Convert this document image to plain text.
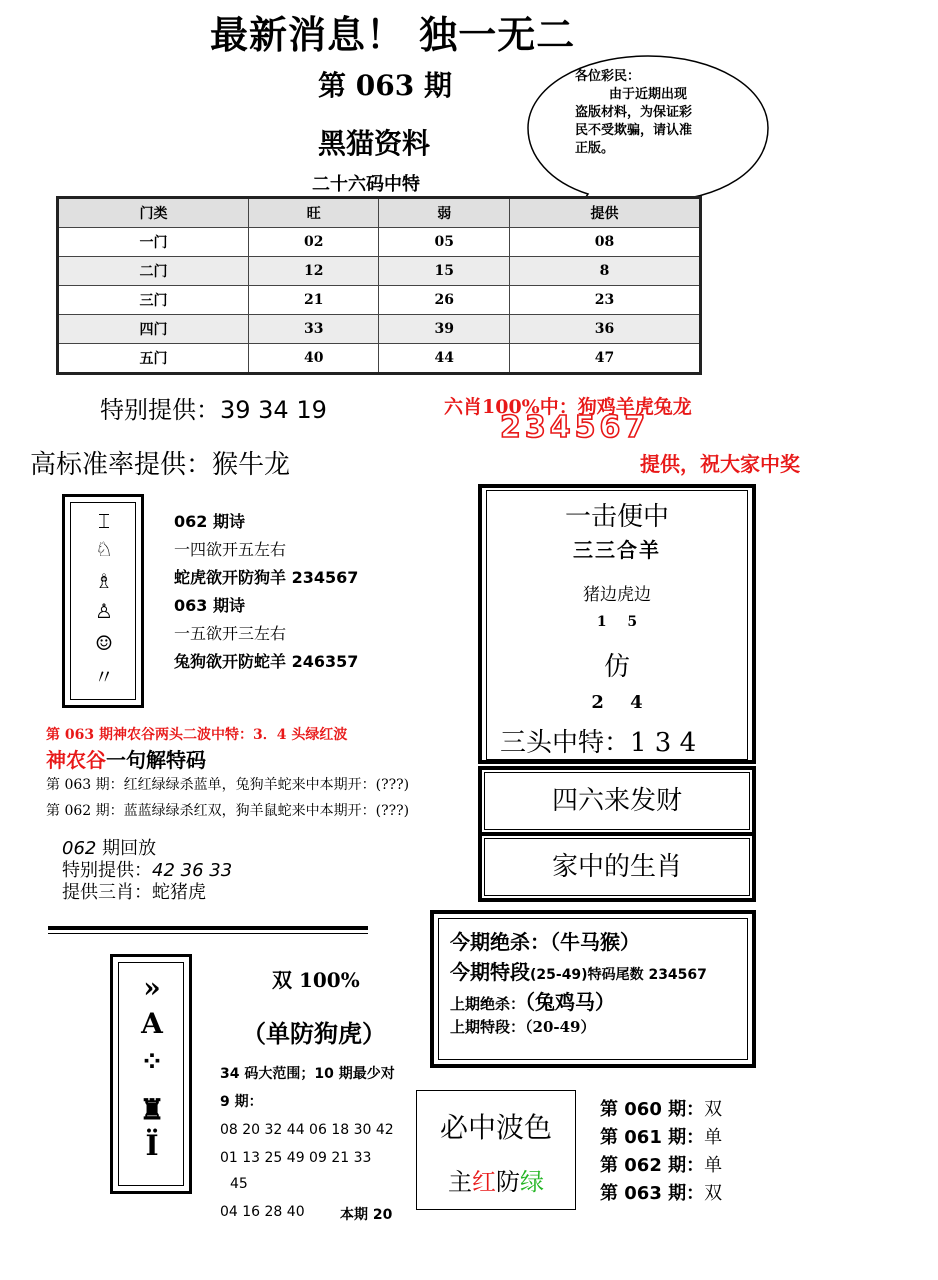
最新消息！ 独一无二
第 063 期
黑猫资料
二十六码中特
各位彩民：
由于近期出现
盗版材料，为保证彩
民不受欺骗，请认准
正版。
门类	旺	弱	提供
一门	02	05	08
二门	12	15	8
三门	21	26	23
四门	33	39	36
五门	40	44	47
特别提供：39 34 19	六肖100%中：狗鸡羊虎兔龙
234567
高标准率提供：猴牛龙	提供，祝大家中奖
⌶
♘
♗
♙
☺
〃
062 期诗
一四欲开五左右
蛇虎欲开防狗羊 234567
063 期诗
一五欲开三左右
兔狗欲开防蛇羊 246357
一击便中
三三合羊
猪边虎边
1 5
仿
2 4
三头中特：1 3 4
四六来发财
家中的生肖
第 063 期神农谷两头二波中特：3．4 头绿红波
神农谷一句解特码
第 063 期：红红绿绿杀蓝单，兔狗羊蛇来中本期开：(???)
第 062 期：蓝蓝绿绿杀红双，狗羊鼠蛇来中本期开：(???)
062 期回放
特别提供：42 36 33
提供三肖：蛇猪虎
»
A
⁘
♜
Ï
双 100%
（单防狗虎）
34 码大范围；10 期最少对
9 期：
08 20 32 44 06 18 30 42
01 13 25 49 09 21 33
45
04 16 28 40	本期 20
今期绝杀：（牛马猴）
今期特段(25-49)特码尾数 234567
上期绝杀：（兔鸡马）
上期特段：（20-49）
必中波色
主红防绿
第 060 期：双
第 061 期：单
第 062 期：单
第 063 期：双
